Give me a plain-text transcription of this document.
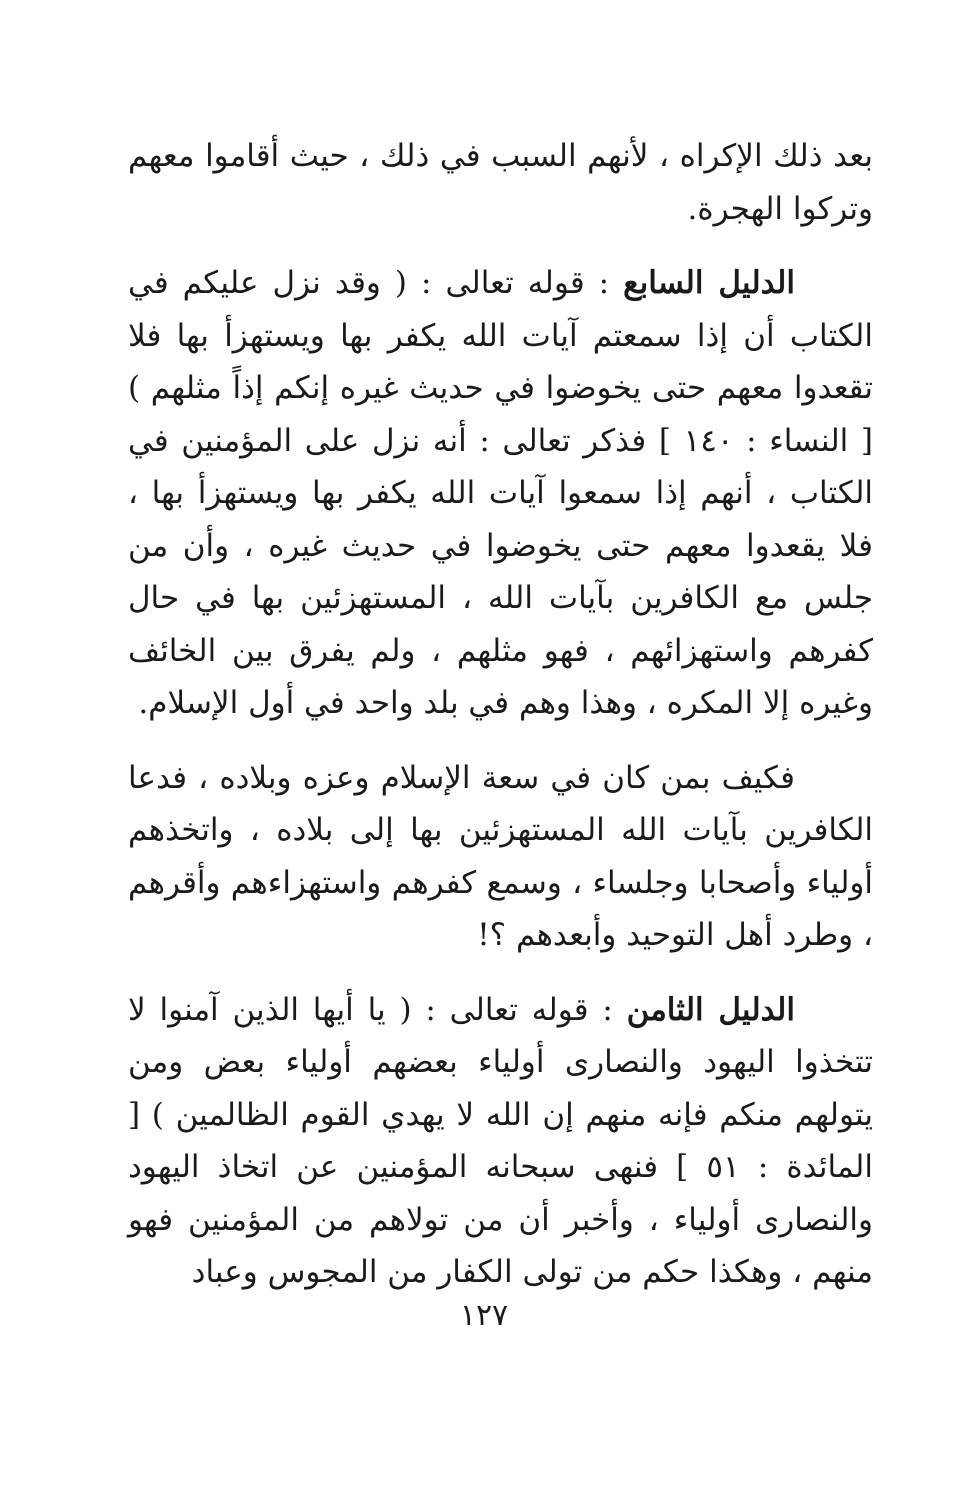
بعد ذلك الإكراه ، لأنهم السبب في ذلك ، حيث أقاموا معهم وتركوا الهجرة.

الدليل السابع : قوله تعالى : ( وقد نزل عليكم في الكتاب أن إذا سمعتم آيات الله يكفر بها ويستهزأ بها فلا تقعدوا معهم حتى يخوضوا في حديث غيره إنكم إذاً مثلهم ) [ النساء : ١٤٠ ] فذكر تعالى : أنه نزل على المؤمنين في الكتاب ، أنهم إذا سمعوا آيات الله يكفر بها ويستهزأ بها ، فلا يقعدوا معهم حتى يخوضوا في حديث غيره ، وأن من جلس مع الكافرين بآيات الله ، المستهزئين بها في حال كفرهم واستهزائهم ، فهو مثلهم ، ولم يفرق بين الخائف وغيره إلا المكره ، وهذا وهم في بلد واحد في أول الإسلام.

فكيف بمن كان في سعة الإسلام وعزه وبلاده ، فدعا الكافرين بآيات الله المستهزئين بها إلى بلاده ، واتخذهم أولياء وأصحابا وجلساء ، وسمع كفرهم واستهزاءهم وأقرهم ، وطرد أهل التوحيد وأبعدهم ؟!

الدليل الثامن : قوله تعالى : ( يا أيها الذين آمنوا لا تتخذوا اليهود والنصارى أولياء بعضهم أولياء بعض ومن يتولهم منكم فإنه منهم إن الله لا يهدي القوم الظالمين ) [ المائدة : ٥١ ] فنهى سبحانه المؤمنين عن اتخاذ اليهود والنصارى أولياء ، وأخبر أن من تولاهم من المؤمنين فهو منهم ، وهكذا حكم من تولى الكفار من المجوس وعباد

١٢٧
